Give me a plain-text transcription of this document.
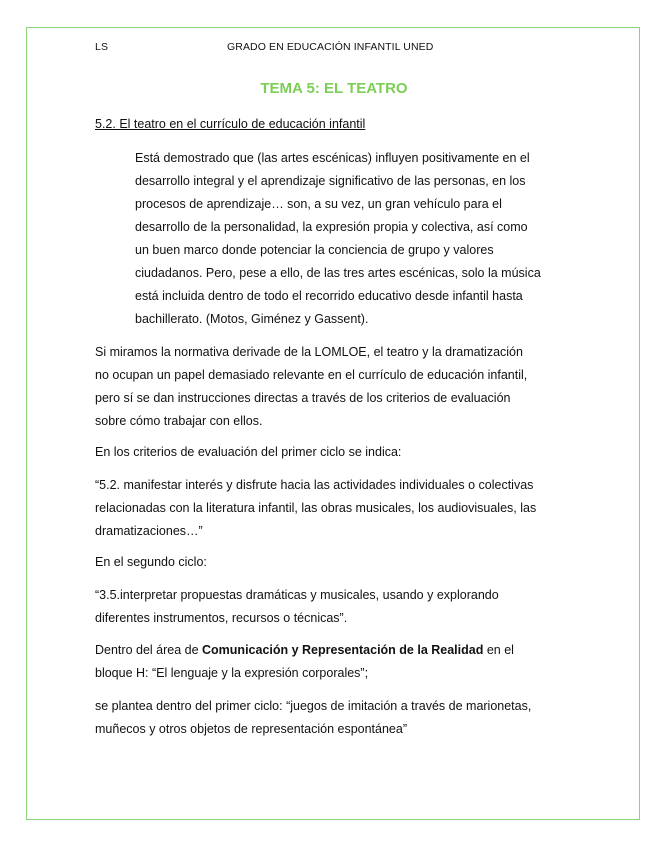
LS	GRADO EN EDUCACIÓN INFANTIL UNED
TEMA 5: EL TEATRO
5.2. El teatro en el currículo de educación infantil
Está demostrado que (las artes escénicas) influyen positivamente en el
desarrollo integral y el aprendizaje significativo de las personas, en los
procesos de aprendizaje… son, a su vez, un gran vehículo para el
desarrollo de la personalidad, la expresión propia y colectiva, así como
un buen marco donde potenciar la conciencia de grupo y valores
ciudadanos. Pero, pese a ello, de las tres artes escénicas, solo la música
está incluida dentro de todo el recorrido educativo desde infantil hasta
bachillerato. (Motos, Giménez y Gassent).
Si miramos la normativa derivade de la LOMLOE, el teatro y la dramatización
no ocupan un papel demasiado relevante en el currículo de educación infantil,
pero sí se dan instrucciones directas a través de los criterios de evaluación
sobre cómo trabajar con ellos.
En los criterios de evaluación del primer ciclo se indica:
“5.2. manifestar interés y disfrute hacia las actividades individuales o colectivas
relacionadas con la literatura infantil, las obras musicales, los audiovisuales, las
dramatizaciones…”
En el segundo ciclo:
“3.5.interpretar propuestas dramáticas y musicales, usando y explorando
diferentes instrumentos, recursos o técnicas”.
Dentro del área de Comunicación y Representación de la Realidad en el
bloque H: “El lenguaje y la expresión corporales”;
se plantea dentro del primer ciclo: “juegos de imitación a través de marionetas,
muñecos y otros objetos de representación espontánea”
